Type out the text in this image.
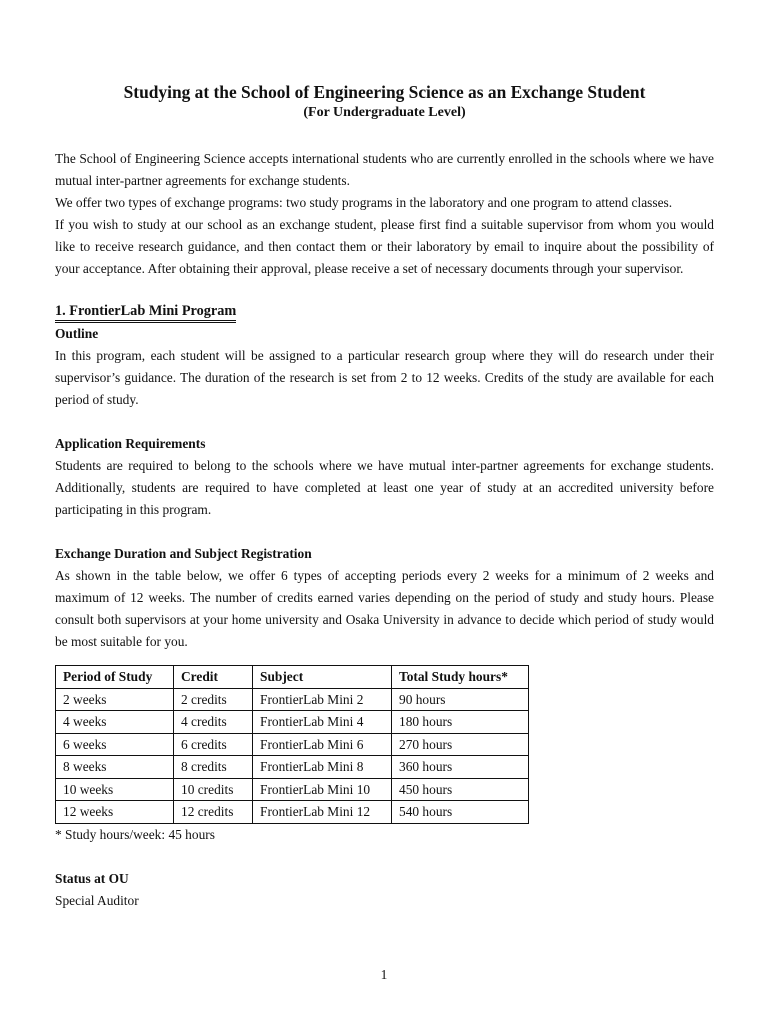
Studying at the School of Engineering Science as an Exchange Student
(For Undergraduate Level)

The School of Engineering Science accepts international students who are currently enrolled in the schools where we have mutual inter-partner agreements for exchange students.

We offer two types of exchange programs: two study programs in the laboratory and one program to attend classes.

If you wish to study at our school as an exchange student, please first find a suitable supervisor from whom you would like to receive research guidance, and then contact them or their laboratory by email to inquire about the possibility of your acceptance. After obtaining their approval, please receive a set of necessary documents through your supervisor.

1. FrontierLab Mini Program
Outline

In this program, each student will be assigned to a particular research group where they will do research under their supervisor’s guidance. The duration of the research is set from 2 to 12 weeks. Credits of the study are available for each period of study.

Application Requirements

Students are required to belong to the schools where we have mutual inter-partner agreements for exchange students. Additionally, students are required to have completed at least one year of study at an accredited university before participating in this program.

Exchange Duration and Subject Registration

As shown in the table below, we offer 6 types of accepting periods every 2 weeks for a minimum of 2 weeks and maximum of 12 weeks. The number of credits earned varies depending on the period of study and study hours. Please consult both supervisors at your home university and Osaka University in advance to decide which period of study would be most suitable for you.

Period of Study	Credit	Subject	Total Study hours*
2 weeks	2 credits	FrontierLab Mini 2	90 hours
4 weeks	4 credits	FrontierLab Mini 4	180 hours
6 weeks	6 credits	FrontierLab Mini 6	270 hours
8 weeks	8 credits	FrontierLab Mini 8	360 hours
10 weeks	10 credits	FrontierLab Mini 10	450 hours
12 weeks	12 credits	FrontierLab Mini 12	540 hours
* Study hours/week: 45 hours
Status at OU
Special Auditor
1
